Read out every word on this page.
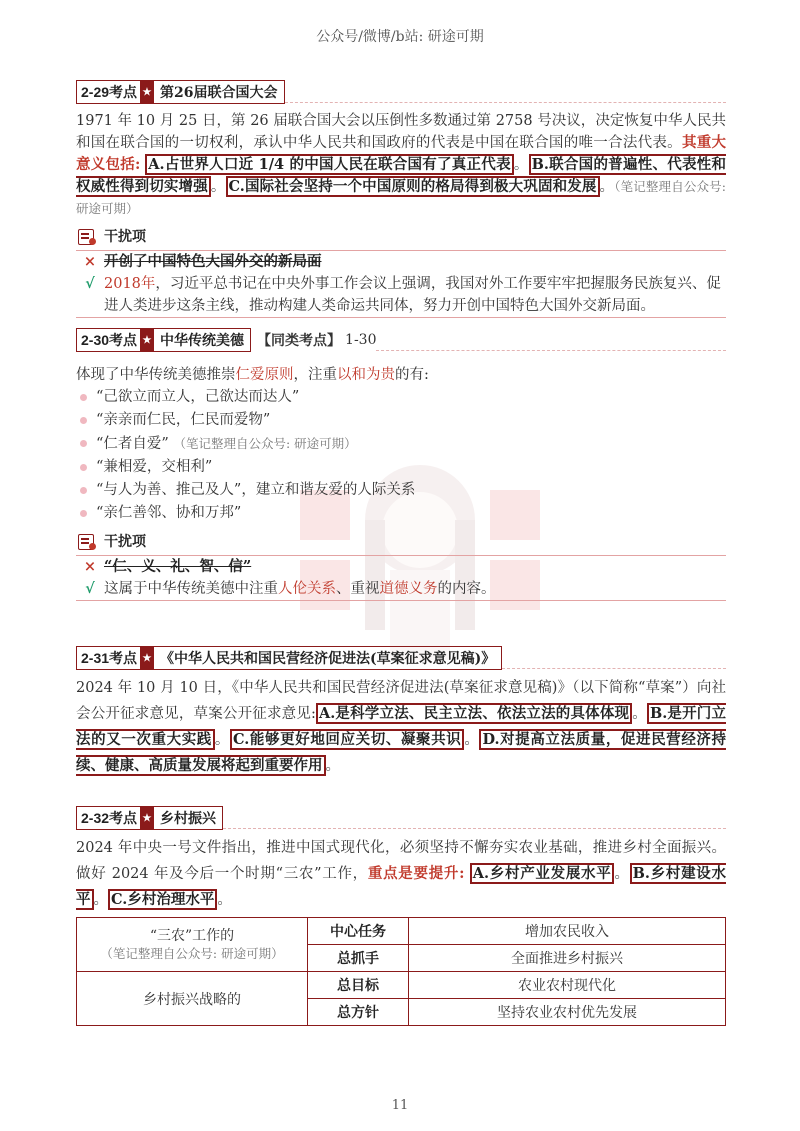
公众号/微博/b站: 研途可期
2-29考点 ★ 第26届联合国大会

1971 年 10 月 25 日，第 26 届联合国大会以压倒性多数通过第 2758 号决议，决定恢复中华人民共和国在联合国的一切权利，承认中华人民共和国政府的代表是中国在联合国的唯一合法代表。其重大意义包括: A.占世界人口近 1/4 的中国人民在联合国有了真正代表 。 B.联合国的普遍性、代表性和权威性得到切实增强 。 C.国际社会坚持一个中国原则的格局得到极大巩固和发展 。（笔记整理自公众号: 研途可期）

干扰项
× 开创了中国特色大国外交的新局面
√ 2018年，习近平总书记在中央外事工作会议上强调，我国对外工作要牢牢把握服务民族复兴、促进人类进步这条主线，推动构建人类命运共同体，努力开创中国特色大国外交新局面。
2-30考点 ★ 中华传统美德 【同类考点】 1-30

体现了中华传统美德推崇仁爱原则，注重以和为贵的有:

“己欲立而立人，己欲达而达人”
“亲亲而仁民，仁民而爱物”
“仁者自爱” （笔记整理自公众号: 研途可期）
“兼相爱，交相利”
“与人为善、推己及人”，建立和谐友爱的人际关系
“亲仁善邻、协和万邦”
干扰项
× “仁、义、礼、智、信”
√ 这属于中华传统美德中注重人伦关系、重视道德义务的内容。
2-31考点 ★ 《中华人民共和国民营经济促进法(草案征求意见稿)》

2024 年 10 月 10 日，《中华人民共和国民营经济促进法(草案征求意见稿)》（以下简称“草案”）向社会公开征求意见，草案公开征求意见: A.是科学立法、民主立法、依法立法的具体体现 。 B.是开门立法的又一次重大实践 。 C.能够更好地回应关切、凝聚共识 。 D.对提高立法质量，促进民营经济持续、健康、高质量发展将起到重要作用 。

2-32考点 ★ 乡村振兴

2024 年中央一号文件指出，推进中国式现代化，必须坚持不懈夯实农业基础，推进乡村全面振兴。做好 2024 年及今后一个时期“三农”工作，重点是要提升: A.乡村产业发展水平 。 B.乡村建设水平 。 C.乡村治理水平 。

“三农”工作的
（笔记整理自公众号: 研途可期）	中心任务	增加农民收入
	总抓手	全面推进乡村振兴
乡村振兴战略的	总目标	农业农村现代化
	总方针	坚持农业农村优先发展
11
